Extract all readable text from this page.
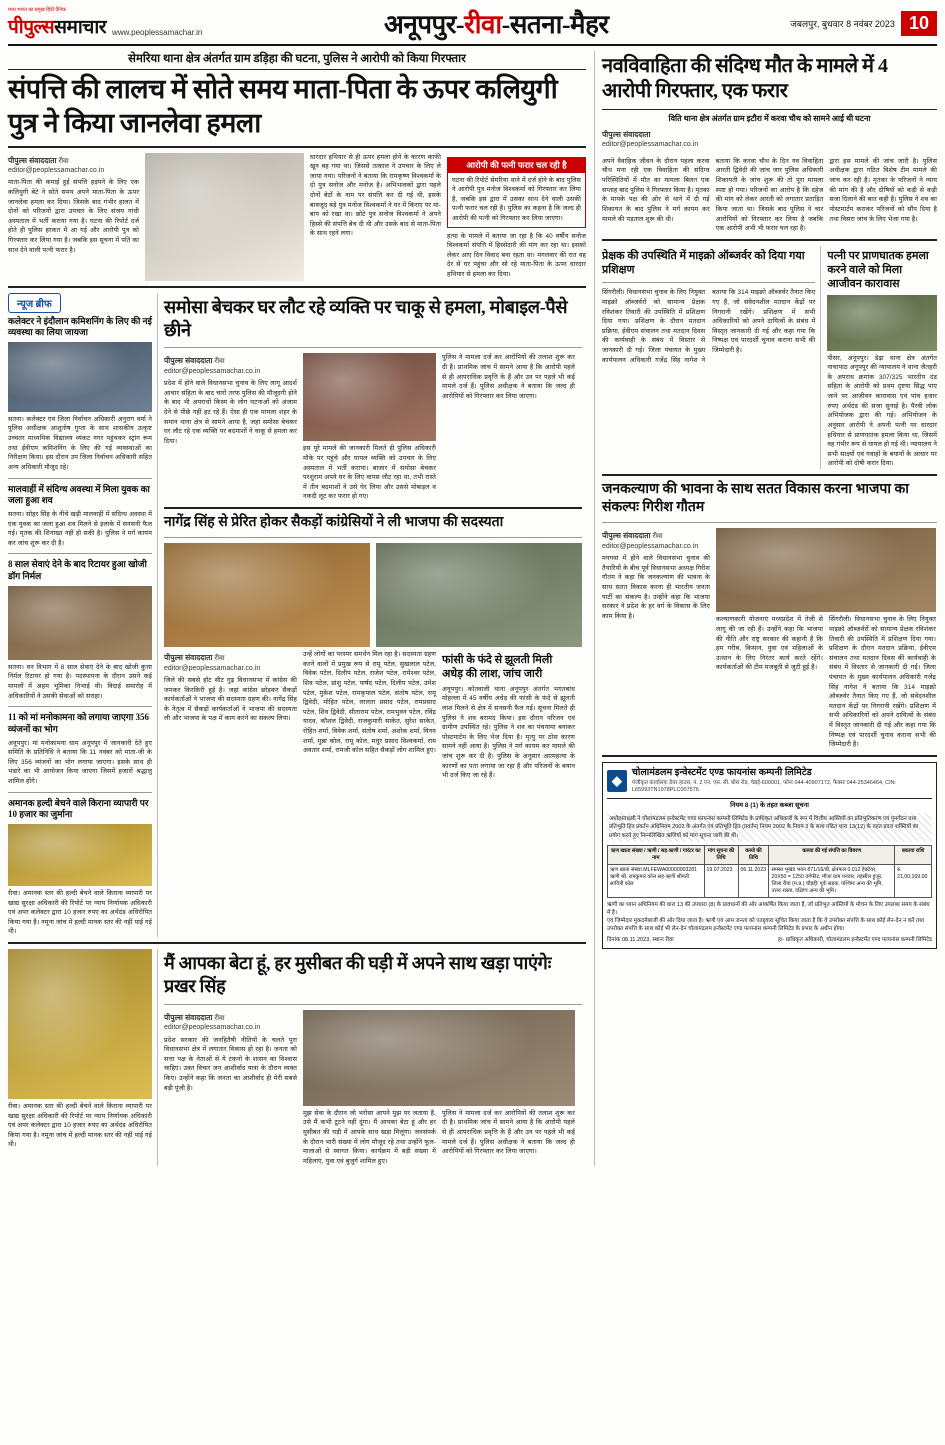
मध्य भारत का प्रमुख हिंदी दैनिक
पीपुल्ससमाचार www.peoplessamachar.in	अनूपपुर-रीवा-सतना-मैहर	जबलपुर, बुधवार 8 नवंबर 2023 10
सेमरिया थाना क्षेत्र अंतर्गत ग्राम डड़िहा की घटना, पुलिस ने आरोपी को किया गिरफ्तार
संपत्ति की लालच में सोते समय माता-पिता के ऊपर कलियुगी पुत्र ने किया जानलेवा हमला
पीपुल्स संवाददाता रीवा
editor@peoplessamachar.co.in
माता-पिता की कमाई हुई संपत्ति हड़पने के लिए एक कलियुगी बेटे ने सोते समय अपने माता-पिता के ऊपर जानलेवा हमला कर दिया। जिसके बाद गंभीर हालत में दोनों को परिजनों द्वारा उपचार के लिए संजय गांधी अस्पताल में भर्ती कराया गया है। घटना की रिपोर्ट दर्ज होते ही पुलिस हरकत में आ गई और आरोपी पुत्र को गिरफ्तार कर लिया गया है। जबकि इस सूचना में पति का साथ देने वाली पत्नी फरार है।
धारदार हथियार से ही ऊपर हमला होने के कारण काफी खून बह गया था। जिससे तत्काल ने उपचार के लिए ले जाया गया। परिजनों ने बताया कि रामकृष्ण विश्वकर्मा के दो पुत्र सनोज और मनोज है। अभिभावकों द्वारा पहले दोनों बेटों के नाम पर संपत्ति कर दी गई थी, इसके बावजूद बड़े पुत्र मनोज विश्वकर्मा ने घर में किराए पर मां-बाप को रखा था। छोटे पुत्र सनोज विश्वकर्मा ने अपने हिस्से की संपत्ति बेच दी थी और उसके बाद से माता-पिता के साथ रहने लगा।
आरोपी की पत्नी फरार चल रही है
घटना की रिपोर्ट सेमरिया थाने में दर्ज होने के बाद पुलिस ने आरोपी पुत्र मनोज विश्वकर्मा को गिरफ्तार कर लिया है, जबकि इस द्वारा में उसका साथ देने वाली उसकी पत्नी फरार चल रही है। पुलिस का कहना है कि जल्द ही आरोपी की पत्नी को गिरफ्तार कर लिया जाएगा।
हत्या के मामले में बताया जा रहा है कि 40 वर्षीय सनोज विश्वकर्मा संपत्ति में हिस्सेदारी की मांग कर रहा था। इसको लेकर आए दिन विवाद बना रहता था। मंगलवार की रात वह देर से घर पहुंचा और सो रहे माता-पिता के ऊपर धारदार हथियार से हमला कर दिया।
न्यूज ब्रीफ
कलेक्टर ने इंदौलान कमिशनिंग के लिए की नई व्यवस्था का लिया जायजा
सतना। कलेक्टर एवं जिला निर्वाचन अधिकारी अनुराग वर्मा ने पुलिस अधीक्षक आशुतोष गुप्ता के साथ शासकीय उत्कृष्ट उच्चतर माध्यमिक विद्यालय व्यंकट नगर पहुंचकर स्ट्रांग रूम तथा ईवीएम कमिशनिंग के लिए की गई व्यवस्थाओं का निरीक्षण किया। इस दौरान उप जिला निर्वाचन अधिकारी सहित अन्य अधिकारी मौजूद रहे।
मालवाहीं में संदिग्ध अवस्था में मिला युवक का जला हुआ शव
सतना। सोहर सिंह के नीचे खड़ी मालवाहीं में संदिग्ध अवस्था में एक युवक का जला हुआ शव मिलने से इलाके में सनसनी फैल गई। मृतक की शिनाख्त नहीं हो सकी है। पुलिस ने मर्ग कायम कर जांच शुरू कर दी है।
8 साल सेवाएं देने के बाद रिटायर हुआ खोजी डॉग निर्मल
सतना। वन विभाग में 8 साल सेवाएं देने के बाद खोजी कुत्ता निर्मल रिटायर हो गया है। पदस्थापना के दौरान उसने कई मामलों में अहम भूमिका निभाई थी। विदाई समारोह में अधिकारियों ने उसकी सेवाओं को सराहा।
11 को मां मनोकामना को लगाया जाएगा 356 व्यंजनों का भोग
अनूपपुर। मां मनोकामना धाम अनूपपुर में जानकारी देते हुए समिति के प्रतिनिधि ने बताया कि 11 नवंबर को माता-जी के लिए 356 व्यंजनों का भोग लगाया जाएगा। इसके साथ ही भंडारे का भी आयोजन किया जाएगा जिसमें हजारों श्रद्धालु शामिल होंगे।
अमानक हल्दी बेचने वाले किराना व्यापारी पर 10 हजार का जुर्माना
रीवा। अमानक स्तर की हल्दी बेचने वाले किराना व्यापारी पर खाद्य सुरक्षा अधिकारी की रिपोर्ट पर न्याय निर्णायक अधिकारी एवं अपर कलेक्टर द्वारा 10 हजार रुपए का अर्थदंड अधिरोपित किया गया है। नमूना जांच में हल्दी मानक स्तर की नहीं पाई गई थी।
समोसा बेचकर घर लौट रहे व्यक्ति पर चाकू से हमला, मोबाइल-पैसे छीने
पीपुल्स संवाददाता रीवा
editor@peoplessamachar.co.in
प्रदेश में होने वाले विधानसभा चुनाव के लिए लागू आदर्श आचार संहिता के बाद चारों तरफ पुलिस की मौजूदगी होने के बाद भी अपराधों किस्म के लोग घटनाओं को अंजाम देने से पीछे नहीं हट रहे हैं। ऐसा ही एक मामला शहर के समान थाना क्षेत्र से सामने आया है, जहां समोसा बेचकर घर लौट रहे एक व्यक्ति पर बदमाशों ने चाकू से हमला कर दिया।
इस पूरे मामले की जानकारी मिलते ही पुलिस अधिकारी मौके पर पहुंचे और घायल व्यक्ति को उपचार के लिए अस्पताल में भर्ती कराया। बाजार में समोसा बेचकर परशुराम अपने घर के लिए वापस लौट रहा था, तभी रास्ते में तीन बदमाशों ने उसे घेर लिया और उससे मोबाइल व नकदी लूट कर फरार हो गए।
पुलिस ने मामला दर्ज कर आरोपियों की तलाश शुरू कर दी है। प्राथमिक जांच में सामने आया है कि आरोपी पहले से ही आपराधिक प्रवृत्ति के हैं और उन पर पहले भी कई मामले दर्ज हैं। पुलिस अधीक्षक ने बताया कि जल्द ही आरोपियों को गिरफ्तार कर लिया जाएगा।
नागेंद्र सिंह से प्रेरित होकर सैकड़ों कांग्रेसियों ने ली भाजपा की सदस्यता
पीपुल्स संवाददाता रीवा
editor@peoplessamachar.co.in
जिले की सबसे हॉट सीट गुढ़ विधानसभा में कांग्रेस की जमकर किरकिरी हुई है। जहां कांग्रेस छोड़कर सैकड़ों कार्यकर्ताओं ने भाजपा की सदस्यता ग्रहण की। नागेंद्र सिंह के नेतृत्व में सैकड़ों कार्यकर्ताओं ने भाजपा की सदस्यता ली और भाजपा के पक्ष में काम करने का संकल्प लिया।
उन्हें लोगों का परस्पर समर्थन मिल रहा है। सदस्यता ग्रहण करने वालों में प्रमुख रूप से रामू पटेल, सुखलाल पटेल, विवेक पटेल, दिलीप पटेल, राजेश पटेल, रामेश्वर पटेल, शिव पटेल, प्रांशु पटेल, पार्षद पटेल, दिलीप पटेल, उमेश पटेल, मुकेश पटेल, रामकृपाल पटेल, संतोष पटेल, रामू द्विवेदी, मोहित पटेल, लालता प्रसाद पटेल, रामप्रसाद पटेल, शिव द्विवेदी, सीताराम पटेल, रामभुवन पटेल, रविंद्र यादव, कौशल द्विवेदी, राजकुमारी साकेत, सुरेश साकेत, रोहित शर्मा, विवेक शर्मा, संतोष शर्मा, अशोक शर्मा, विनय शर्मा, मुन्ना कोल, रामू कोल, मधुर प्रसाद विश्वकर्मा, राम अवतार शर्मा, रामजी कोल सहित सैकड़ों लोग शामिल हुए।
फांसी के फंदे से झूलती मिली अधेड़ की लाश, जांच जारी
अनूपपुर। कोतवाली थाना अनूपपुर अंतर्गत भगतबांध मोहल्ला में 45 वर्षीय अधेड़ की फांसी के फंदे से झूलती लाश मिलने से क्षेत्र में सनसनी फैल गई। सूचना मिलते ही पुलिस ने शव बरामद किया। इस दौरान परिजन एवं ग्रामीण उपस्थित रहे। पुलिस ने शव का पंचनामा बनाकर पोस्टमार्टम के लिए भेज दिया है। मृत्यु पर ठोस कारण सामने नहीं आया है। पुलिस ने मर्ग कायम कर मामले की जांच शुरू कर दी है। पुलिस के अनुसार आत्महत्या के कारणों का पता लगाया जा रहा है और परिजनों के बयान भी दर्ज किए जा रहे हैं।
रीवा। अमानक स्तर की हल्दी बेचने वाले किराना व्यापारी पर खाद्य सुरक्षा अधिकारी की रिपोर्ट पर न्याय निर्णायक अधिकारी एवं अपर कलेक्टर द्वारा 10 हजार रुपए का अर्थदंड अधिरोपित किया गया है। नमूना जांच में हल्दी मानक स्तर की नहीं पाई गई थी।
मैं आपका बेटा हूं, हर मुसीबत की घड़ी में अपने साथ खड़ा पाएंगेः प्रखर सिंह
पीपुल्स संवाददाता रीवा
editor@peoplessamachar.co.in
प्रदेश सरकार की जनहितैषी नीतियों के चलते पूरा विधानसभा क्षेत्र में लगातार विकास हो रहा है। जनता को सत्ता पक्ष के नेताओं से ये टकनो के शासन का विश्वास चाहिए। उक्त विचार जन आशीर्वाद यात्रा के दौरान व्यक्त किए। उन्होंने कहा कि जनता का आशीर्वाद ही मेरी सबसे बड़ी पूंजी है।
मुझ सेवा के दौरान जो भरोसा आपने मुझ पर जताया है, उसे मैं कभी टूटने नहीं दूंगा। मैं आपका बेटा हूं और हर मुसीबत की घड़ी में आपके साथ खड़ा मिलूंगा। जनसंपर्क के दौरान भारी संख्या में लोग मौजूद रहे तथा उन्होंने फूल-मालाओं से स्वागत किया। कार्यक्रम में बड़ी संख्या में महिलाएं, युवा एवं बुजुर्ग शामिल हुए।
पुलिस ने मामला दर्ज कर आरोपियों की तलाश शुरू कर दी है। प्राथमिक जांच में सामने आया है कि आरोपी पहले से ही आपराधिक प्रवृत्ति के हैं और उन पर पहले भी कई मामले दर्ज हैं। पुलिस अधीक्षक ने बताया कि जल्द ही आरोपियों को गिरफ्तार कर लिया जाएगा।
नवविवाहिता की संदिग्ध मौत के मामले में 4 आरोपी गिरफ्तार, एक फरार
विति थाना क्षेत्र अंतर्गत ग्राम इटौरा में करवा चौथ को सामने आई थी घटना
पीपुल्स संवाददाता
editor@peoplessamachar.co.in
अपने वैवाहिक जीवन के दौरान पहला करवा चौथ मना रही एक विवाहिता की संदिग्ध परिस्थितियों में मौत का मामला बिलत एक सप्ताह बाद पुलिस ने गिरफ्तार किया है। मृतका के मायके पक्ष की ओर से थाने में दी गई शिकायत के बाद पुलिस ने मर्ग कायम कर मामले की पड़ताल शुरू की थी।
बताया कि करवा चौथ के दिन नव विवाहिता आरती द्विवेदी की जांच जार पुलिस अधिकारी शिकायती के जांच शुरू की तो पूरा मामला स्पष्ट हो गया। परिजनों का आरोप है कि दहेज की मांग को लेकर आरती को लगातार प्रताड़ित किया जाता था। जिसके बाद पुलिस ने चार आरोपियों को गिरफ्तार कर लिया है जबकि एक आरोपी अभी भी फरार चल रहा है।
द्वारा इस मामले की जांच जारी है। पुलिस अधीक्षक द्वारा गठित विशेष टीम मामले की जांच कर रही है। मृतका के परिजनों ने न्याय की मांग की है और दोषियों को कड़ी से कड़ी सजा दिलाने की बात कही है। पुलिस ने शव का पोस्टमार्टम कराकर परिजनों को सौंप दिया है तथा विसरा जांच के लिए भेजा गया है।
प्रेक्षक की उपस्थिति में माइक्रो ऑब्जर्वर को दिया गया प्रशिक्षण
सिंगरौली। विधानसभा चुनाव के लिए नियुक्त माइक्रो ऑब्जर्वरों को सामान्य प्रेक्षक रविशंकर तिवारी की उपस्थिति में प्रशिक्षण दिया गया। प्रशिक्षण के दौरान मतदान प्रक्रिया, ईवीएम संचालन तथा मतदान दिवस की कार्यवाही के संबंध में विस्तार से जानकारी दी गई। जिला पंचायत के मुख्य कार्यपालन अधिकारी गजेंद्र सिंह नागेश ने बताया कि 314 माइक्रो ऑब्जर्वर तैनात किए गए हैं, जो संवेदनशील मतदान केंद्रों पर निगरानी रखेंगे। प्रशिक्षण में सभी अधिकारियों को अपने दायित्वों के संबंध में विस्तृत जानकारी दी गई और कहा गया कि निष्पक्ष एवं पारदर्शी चुनाव कराना सभी की जिम्मेदारी है।
पत्नी पर प्राणघातक हमला करने वाले को मिला आजीवन कारावास
पीसर, अनूपपुर। डेढ़ा थाना क्षेत्र अंतर्गत नाचापाठ अनूपपुर की न्यायालय ने थाना जैतहरी के अपराध क्रमांक 307/325 भारतीय दंड संहिता के आरोपी को प्रथम दृष्टया सिद्ध पाए जाने पर आजीवन कारावास एवं पांच हजार रुपए अर्थदंड की सजा सुनाई है। पैरवी लोक अभियोजक द्वारा की गई। अभियोजन के अनुसार आरोपी ने अपनी पत्नी पर धारदार हथियार से प्राणघातक हमला किया था, जिसमें वह गंभीर रूप से घायल हो गई थी। न्यायालय ने सभी साक्ष्यों एवं गवाहों के बयानों के आधार पर आरोपी को दोषी करार दिया।
जनकल्याण की भावना के साथ सतत विकास करना भाजपा का संकल्पः गिरीश गौतम
पीपुल्स संवाददाता रीवा
editor@peoplessamachar.co.in
मनगवां में होने वाले विधानसभा चुनाव की तैयारियों के बीच पूर्व विधानसभा अध्यक्ष गिरीश गौतम ने कहा कि जनकल्याण की भावना के साथ सतत विकास करना ही भारतीय जनता पार्टी का संकल्प है। उन्होंने कहा कि भाजपा सरकार ने प्रदेश के हर वर्ग के विकास के लिए काम किया है।	कल्याणकारी योजनाएं मध्यप्रदेश में तेजी से लागू की जा रही हैं। उन्होंने कहा कि भाजपा की नीति और राष्ट्र सरकार की कहानी है कि हम गरीब, किसान, युवा एवं महिलाओं के उत्थान के लिए निरंतर कार्य करते रहेंगे। कार्यकर्ताओं की टीम मजबूती से जुटी हुई है।
सिंगरौली। विधानसभा चुनाव के लिए नियुक्त माइक्रो ऑब्जर्वरों को सामान्य प्रेक्षक रविशंकर तिवारी की उपस्थिति में प्रशिक्षण दिया गया। प्रशिक्षण के दौरान मतदान प्रक्रिया, ईवीएम संचालन तथा मतदान दिवस की कार्यवाही के संबंध में विस्तार से जानकारी दी गई। जिला पंचायत के मुख्य कार्यपालन अधिकारी गजेंद्र सिंह नागेश ने बताया कि 314 माइक्रो ऑब्जर्वर तैनात किए गए हैं, जो संवेदनशील मतदान केंद्रों पर निगरानी रखेंगे। प्रशिक्षण में सभी अधिकारियों को अपने दायित्वों के संबंध में विस्तृत जानकारी दी गई और कहा गया कि निष्पक्ष एवं पारदर्शी चुनाव कराना सभी की जिम्मेदारी है।
◆
चोलामंडलम इन्वेस्टमेंट एण्ड फायनांस कम्पनी लिमिटेड
पंजीकृत कार्यालयः डेयर हाउस, नं. 2 एन. एस. सी. बोस रोड, चेन्नई-600001, फोनः 044-40907172, फैक्सः 044-25346464, CIN: L65993TN1978PLC007576
नियम 8 (1) के तहत कब्जा सूचना
अधोहस्ताक्षरी ने चोलामंडलम इन्वेस्टमेंट एण्ड फायनांस कम्पनी लिमिटेड के प्राधिकृत अधिकारी के रूप में वित्तीय आस्तियों का प्रतिभूतिकरण एवं पुनर्गठन तथा प्रतिभूति हित प्रवर्तन अधिनियम 2002 के अंतर्गत एवं प्रतिभूति हित (प्रवर्तन) नियम 2002 के नियम 3 के साथ पठित धारा 13(12) के तहत प्रदत्त शक्तियों का प्रयोग करते हुए निम्नलिखित ऋणियों को मांग सूचना जारी की थी।
ऋण खाता संख्या / ऋणी / सह-ऋणी / गारंटर का नाम	मांग सूचना की तिथि	कब्जे की तिथि	कब्जा की गई संपत्ति का विवरण	बकाया राशि
ऋण खाता संख्या MLFEWA00000003281 ऋणी श्री. रामकुमार कोल सह-ऋणी श्रीमती सावित्री कोल	19.07.2023	06.11.2023	समस्त भूखंड भवन 871/16/बी, क्षेत्रफल 0.012 हेक्टेयर, 20X50 = 1250 वर्गफीट, मौजा ग्राम पनवार, तहसील हुजूर, जिला रीवा (म.प्र.) चौहद्दीः पूर्वः सड़क, पश्चिमः अन्य की भूमि, उत्तरः रास्ता, दक्षिणः अन्य की भूमि।	रु. 21,00,169.00
ऋणी का ध्यान अधिनियम की धारा 13 की उपधारा (8) के प्रावधानों की ओर आकर्षित किया जाता है, जो प्रतिभूत आस्तियों के मोचन के लिए उपलब्ध समय के संबंध में है।
एवं जिम्मेदार मुकदमेबाजी की ओर दिया जाता है। ऋणी एवं आम जनता को एतद्द्वारा सूचित किया जाता है कि वे उपरोक्त संपत्ति के साथ कोई लेन-देन न करें तथा उपरोक्त संपत्ति के साथ कोई भी लेन-देन चोलामंडलम इन्वेस्टमेंट एण्ड फायनांस कम्पनी लिमिटेड के प्रभार के अधीन होगा।
दिनांक 08.11.2023, स्थानः रीवा	ह/- प्राधिकृत अधिकारी, चोलामंडलम इन्वेस्टमेंट एण्ड फायनांस कम्पनी लिमिटेड
